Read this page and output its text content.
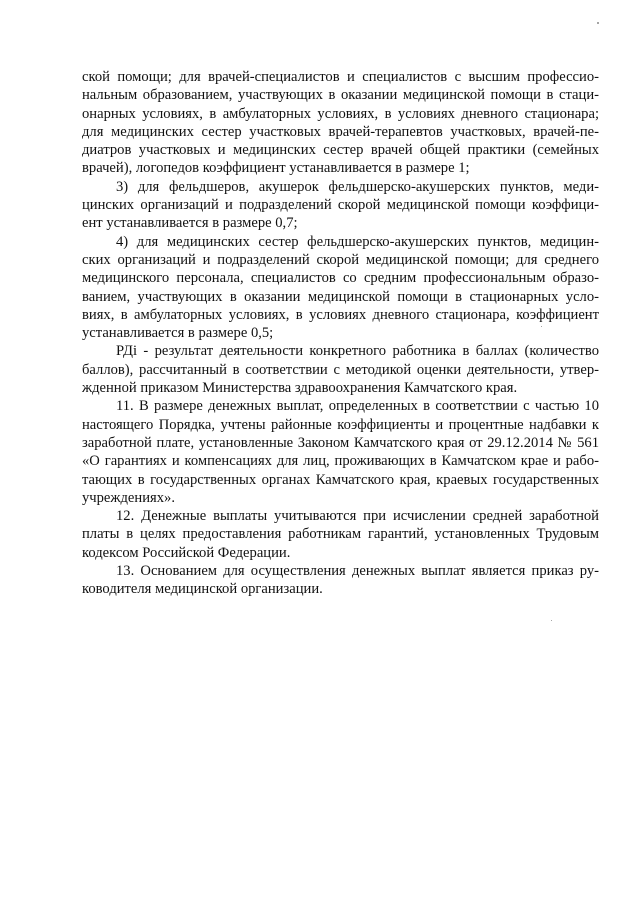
ской помощи; для врачей-специалистов и специалистов с высшим профессио-
нальным образованием, участвующих в оказании медицинской помощи в стаци-
онарных условиях, в амбулаторных условиях, в условиях дневного стационара;
для медицинских сестер участковых врачей-терапевтов участковых, врачей-пе-
диатров участковых и медицинских сестер врачей общей практики (семейных
врачей), логопедов коэффициент устанавливается в размере 1;
3) для фельдшеров, акушерок фельдшерско-акушерских пунктов, меди-
цинских организаций и подразделений скорой медицинской помощи коэффици-
ент устанавливается в размере 0,7;
4) для медицинских сестер фельдшерско-акушерских пунктов, медицин-
ских организаций и подразделений скорой медицинской помощи; для среднего
медицинского персонала, специалистов со средним профессиональным образо-
ванием, участвующих в оказании медицинской помощи в стационарных усло-
виях, в амбулаторных условиях, в условиях дневного стационара, коэффициент
устанавливается в размере 0,5;
РДі - результат деятельности конкретного работника в баллах (количество
баллов), рассчитанный в соответствии с методикой оценки деятельности, утвер-
жденной приказом Министерства здравоохранения Камчатского края.
11. В размере денежных выплат, определенных в соответствии с частью 10
настоящего Порядка, учтены районные коэффициенты и процентные надбавки к
заработной плате, установленные Законом Камчатского края от 29.12.2014 № 561
«О гарантиях и компенсациях для лиц, проживающих в Камчатском крае и рабо-
тающих в государственных органах Камчатского края, краевых государственных
учреждениях».
12. Денежные выплаты учитываются при исчислении средней заработной
платы в целях предоставления работникам гарантий, установленных Трудовым
кодексом Российской Федерации.
13. Основанием для осуществления денежных выплат является приказ ру-
ководителя медицинской организации.
